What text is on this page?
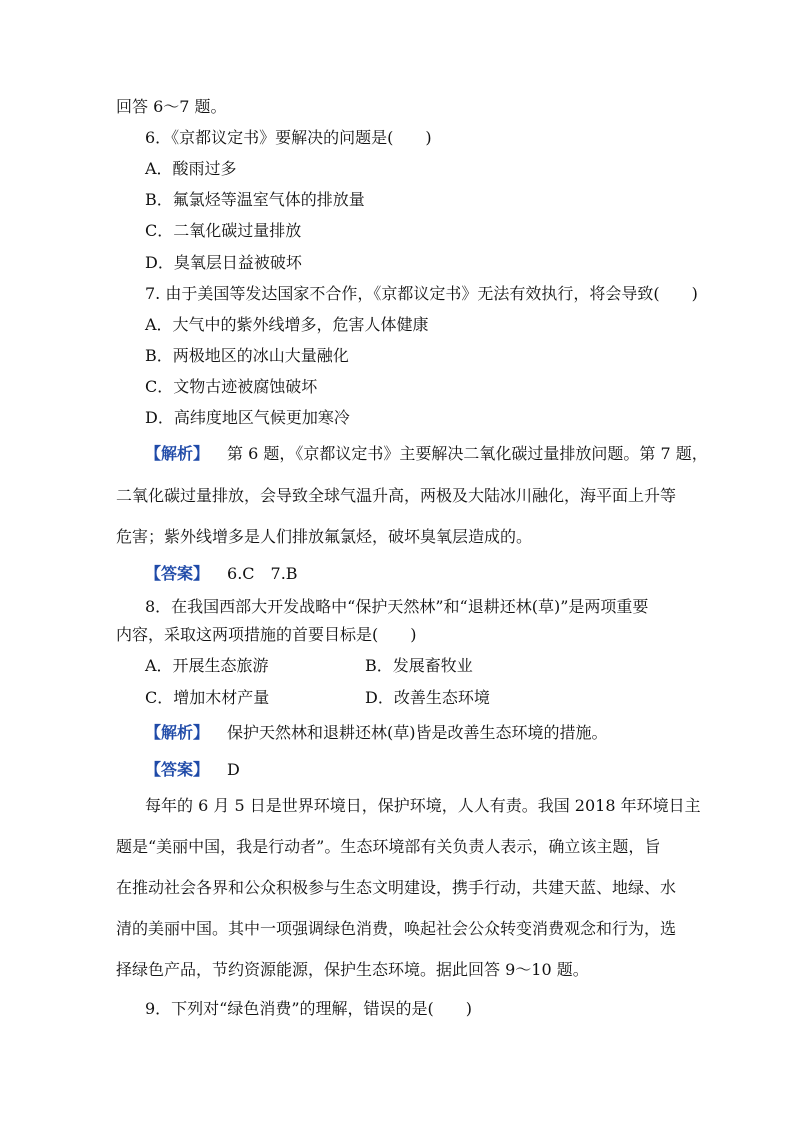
回答 6～7 题。
6．《京都议定书》要解决的问题是(　　)
A．酸雨过多
B．氟氯烃等温室气体的排放量
C．二氧化碳过量排放
D．臭氧层日益被破坏
7. 由于美国等发达国家不合作，《京都议定书》无法有效执行，将会导致(　　)
A．大气中的紫外线增多，危害人体健康
B．两极地区的冰山大量融化
C．文物古迹被腐蚀破坏
D．高纬度地区气候更加寒冷
【解析】 第 6 题，《京都议定书》主要解决二氧化碳过量排放问题。第 7 题，
二氧化碳过量排放，会导致全球气温升高，两极及大陆冰川融化，海平面上升等
危害；紫外线增多是人们排放氟氯烃，破坏臭氧层造成的。
【答案】 6.C　7.B
8．在我国西部大开发战略中“保护天然林”和“退耕还林(草)”是两项重要
内容，采取这两项措施的首要目标是(　　)
A．开展生态旅游	B．发展畜牧业
C．增加木材产量	D．改善生态环境
【解析】 保护天然林和退耕还林(草)皆是改善生态环境的措施。
【答案】 D
每年的 6 月 5 日是世界环境日，保护环境，人人有责。我国 2018 年环境日主
题是“美丽中国，我是行动者”。生态环境部有关负责人表示，确立该主题，旨
在推动社会各界和公众积极参与生态文明建设，携手行动，共建天蓝、地绿、水
清的美丽中国。其中一项强调绿色消费，唤起社会公众转变消费观念和行为，选
择绿色产品，节约资源能源，保护生态环境。据此回答 9～10 题。
9．下列对“绿色消费”的理解，错误的是(　　)
